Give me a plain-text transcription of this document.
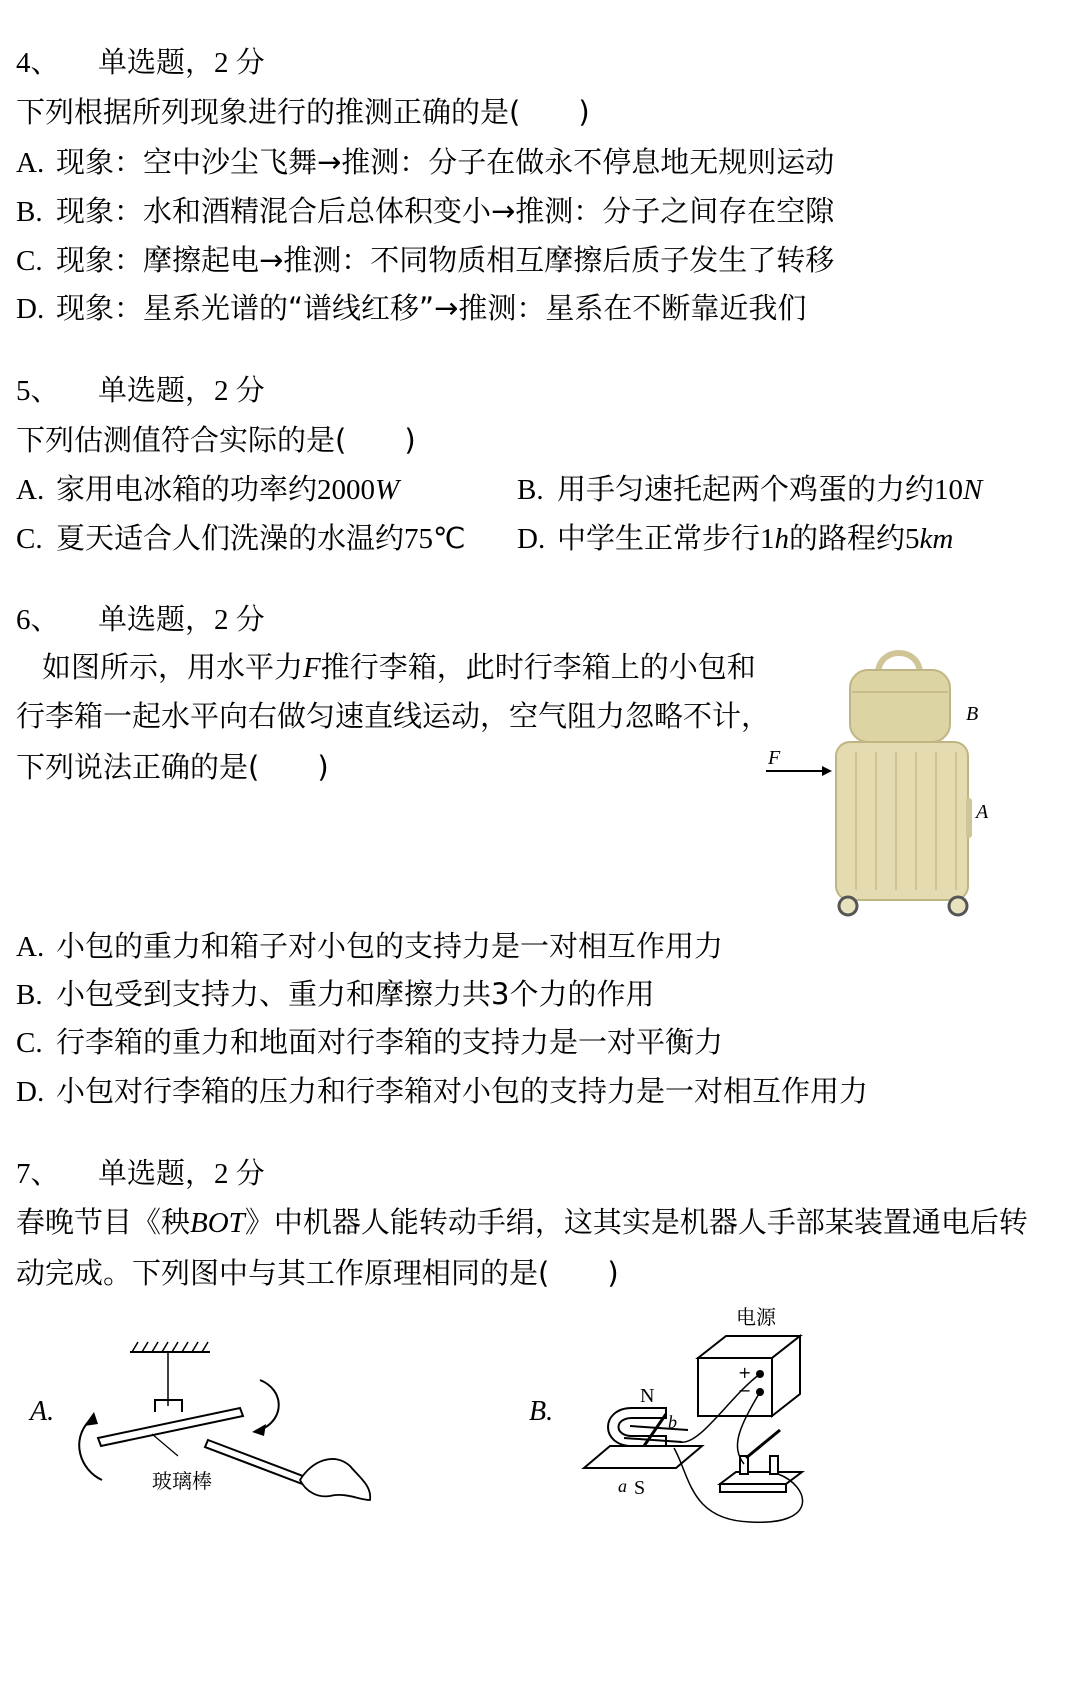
4、 单选题，2 分
下列根据所列现象进行的推测正确的是(　　)
A. 现象：空中沙尘飞舞→推测：分子在做永不停息地无规则运动
B. 现象：水和酒精混合后总体积变小→推测：分子之间存在空隙
C. 现象：摩擦起电→推测：不同物质相互摩擦后质子发生了转移
D. 现象：星系光谱的“谱线红移”→推测：星系在不断靠近我们
5、 单选题，2 分
下列估测值符合实际的是(　　)
A. 家用电冰箱的功率约2000W	B. 用手匀速托起两个鸡蛋的力约10N
C. 夏天适合人们洗澡的水温约75℃ D. 中学生正常步行1h的路程约5km
6、 单选题，2 分
如图所示，用水平力F推行李箱，此时行李箱上的小包和
行李箱一起水平向右做匀速直线运动，空气阻力忽略不计，
下列说法正确的是(　　)	F
B
A
A. 小包的重力和箱子对小包的支持力是一对相互作用力
B. 小包受到支持力、重力和摩擦力共3个力的作用
C. 行李箱的重力和地面对行李箱的支持力是一对平衡力
D. 小包对行李箱的压力和行李箱对小包的支持力是一对相互作用力
7、 单选题，2 分
春晚节目《秧BOT》中机器人能转动手绢，这其实是机器人手部某装置通电后转
动完成。下列图中与其工作原理相同的是(　　)
A.
玻璃棒
B.
电源
+
−
N
b
a S
